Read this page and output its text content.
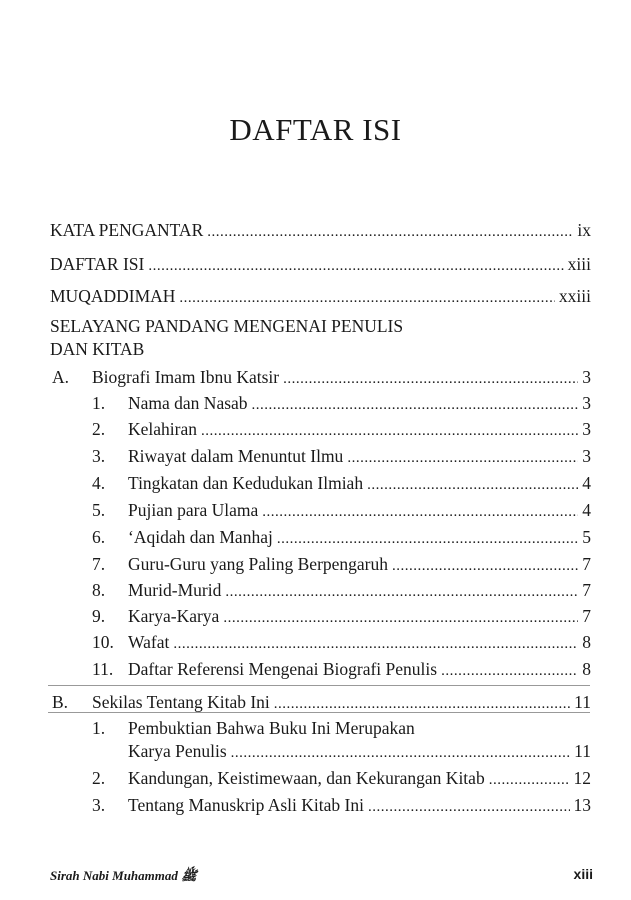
DAFTAR ISI
KATA PENGANTAR .....	ix
DAFTAR ISI .....	xiii
MUQADDIMAH .....	xxiii
SELAYANG PANDANG MENGENAI PENULIS
DAN KITAB
A. Biografi Imam Ibnu Katsir .....	3
1. Nama dan Nasab .....	3
2. Kelahiran .....	3
3. Riwayat dalam Menuntut Ilmu .....	3
4. Tingkatan dan Kedudukan Ilmiah .....	4
5. Pujian para Ulama .....	4
6. ‘Aqidah dan Manhaj .....	5
7. Guru-Guru yang Paling Berpengaruh .....	7
8. Murid-Murid .....	7
9. Karya-Karya .....	7
10. Wafat .....	8
11. Daftar Referensi Mengenai Biografi Penulis .....	8
B. Sekilas Tentang Kitab Ini .....	11
1. Pembuktian Bahwa Buku Ini Merupakan
Karya Penulis .....	11
2. Kandungan, Keistimewaan, dan Kekurangan Kitab .....	12
3. Tentang Manuskrip Asli Kitab Ini .....	13
Sirah Nabi Muhammad ﷺ	xiii
